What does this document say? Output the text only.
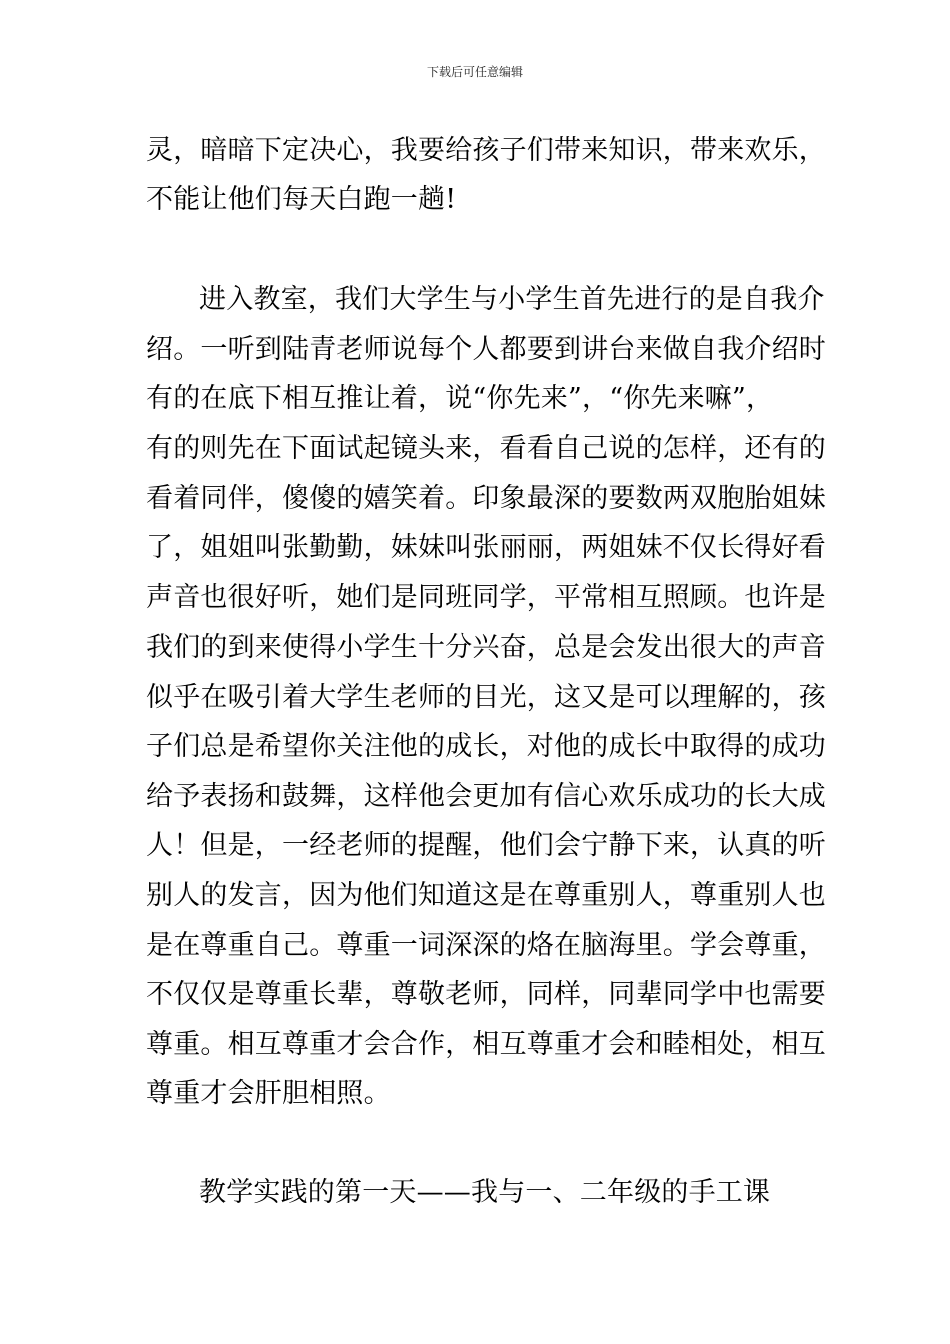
下载后可任意编辑
灵，暗暗下定决心，我要给孩子们带来知识，带来欢乐，
不能让他们每天白跑一趟!
进入教室，我们大学生与小学生首先进行的是自我介
绍。一听到陆青老师说每个人都要到讲台来做自我介绍时
有的在底下相互推让着，说“你先来”，“你先来嘛”，
有的则先在下面试起镜头来，看看自己说的怎样，还有的
看着同伴，傻傻的嬉笑着。印象最深的要数两双胞胎姐妹
了，姐姐叫张勤勤，妹妹叫张丽丽，两姐妹不仅长得好看
声音也很好听，她们是同班同学，平常相互照顾。也许是
我们的到来使得小学生十分兴奋，总是会发出很大的声音
似乎在吸引着大学生老师的目光，这又是可以理解的，孩
子们总是希望你关注他的成长，对他的成长中取得的成功
给予表扬和鼓舞，这样他会更加有信心欢乐成功的长大成
人！但是，一经老师的提醒，他们会宁静下来，认真的听
别人的发言，因为他们知道这是在尊重别人，尊重别人也
是在尊重自己。尊重一词深深的烙在脑海里。学会尊重，
不仅仅是尊重长辈，尊敬老师，同样，同辈同学中也需要
尊重。相互尊重才会合作，相互尊重才会和睦相处，相互
尊重才会肝胆相照。
教学实践的第一天——我与一、二年级的手工课
